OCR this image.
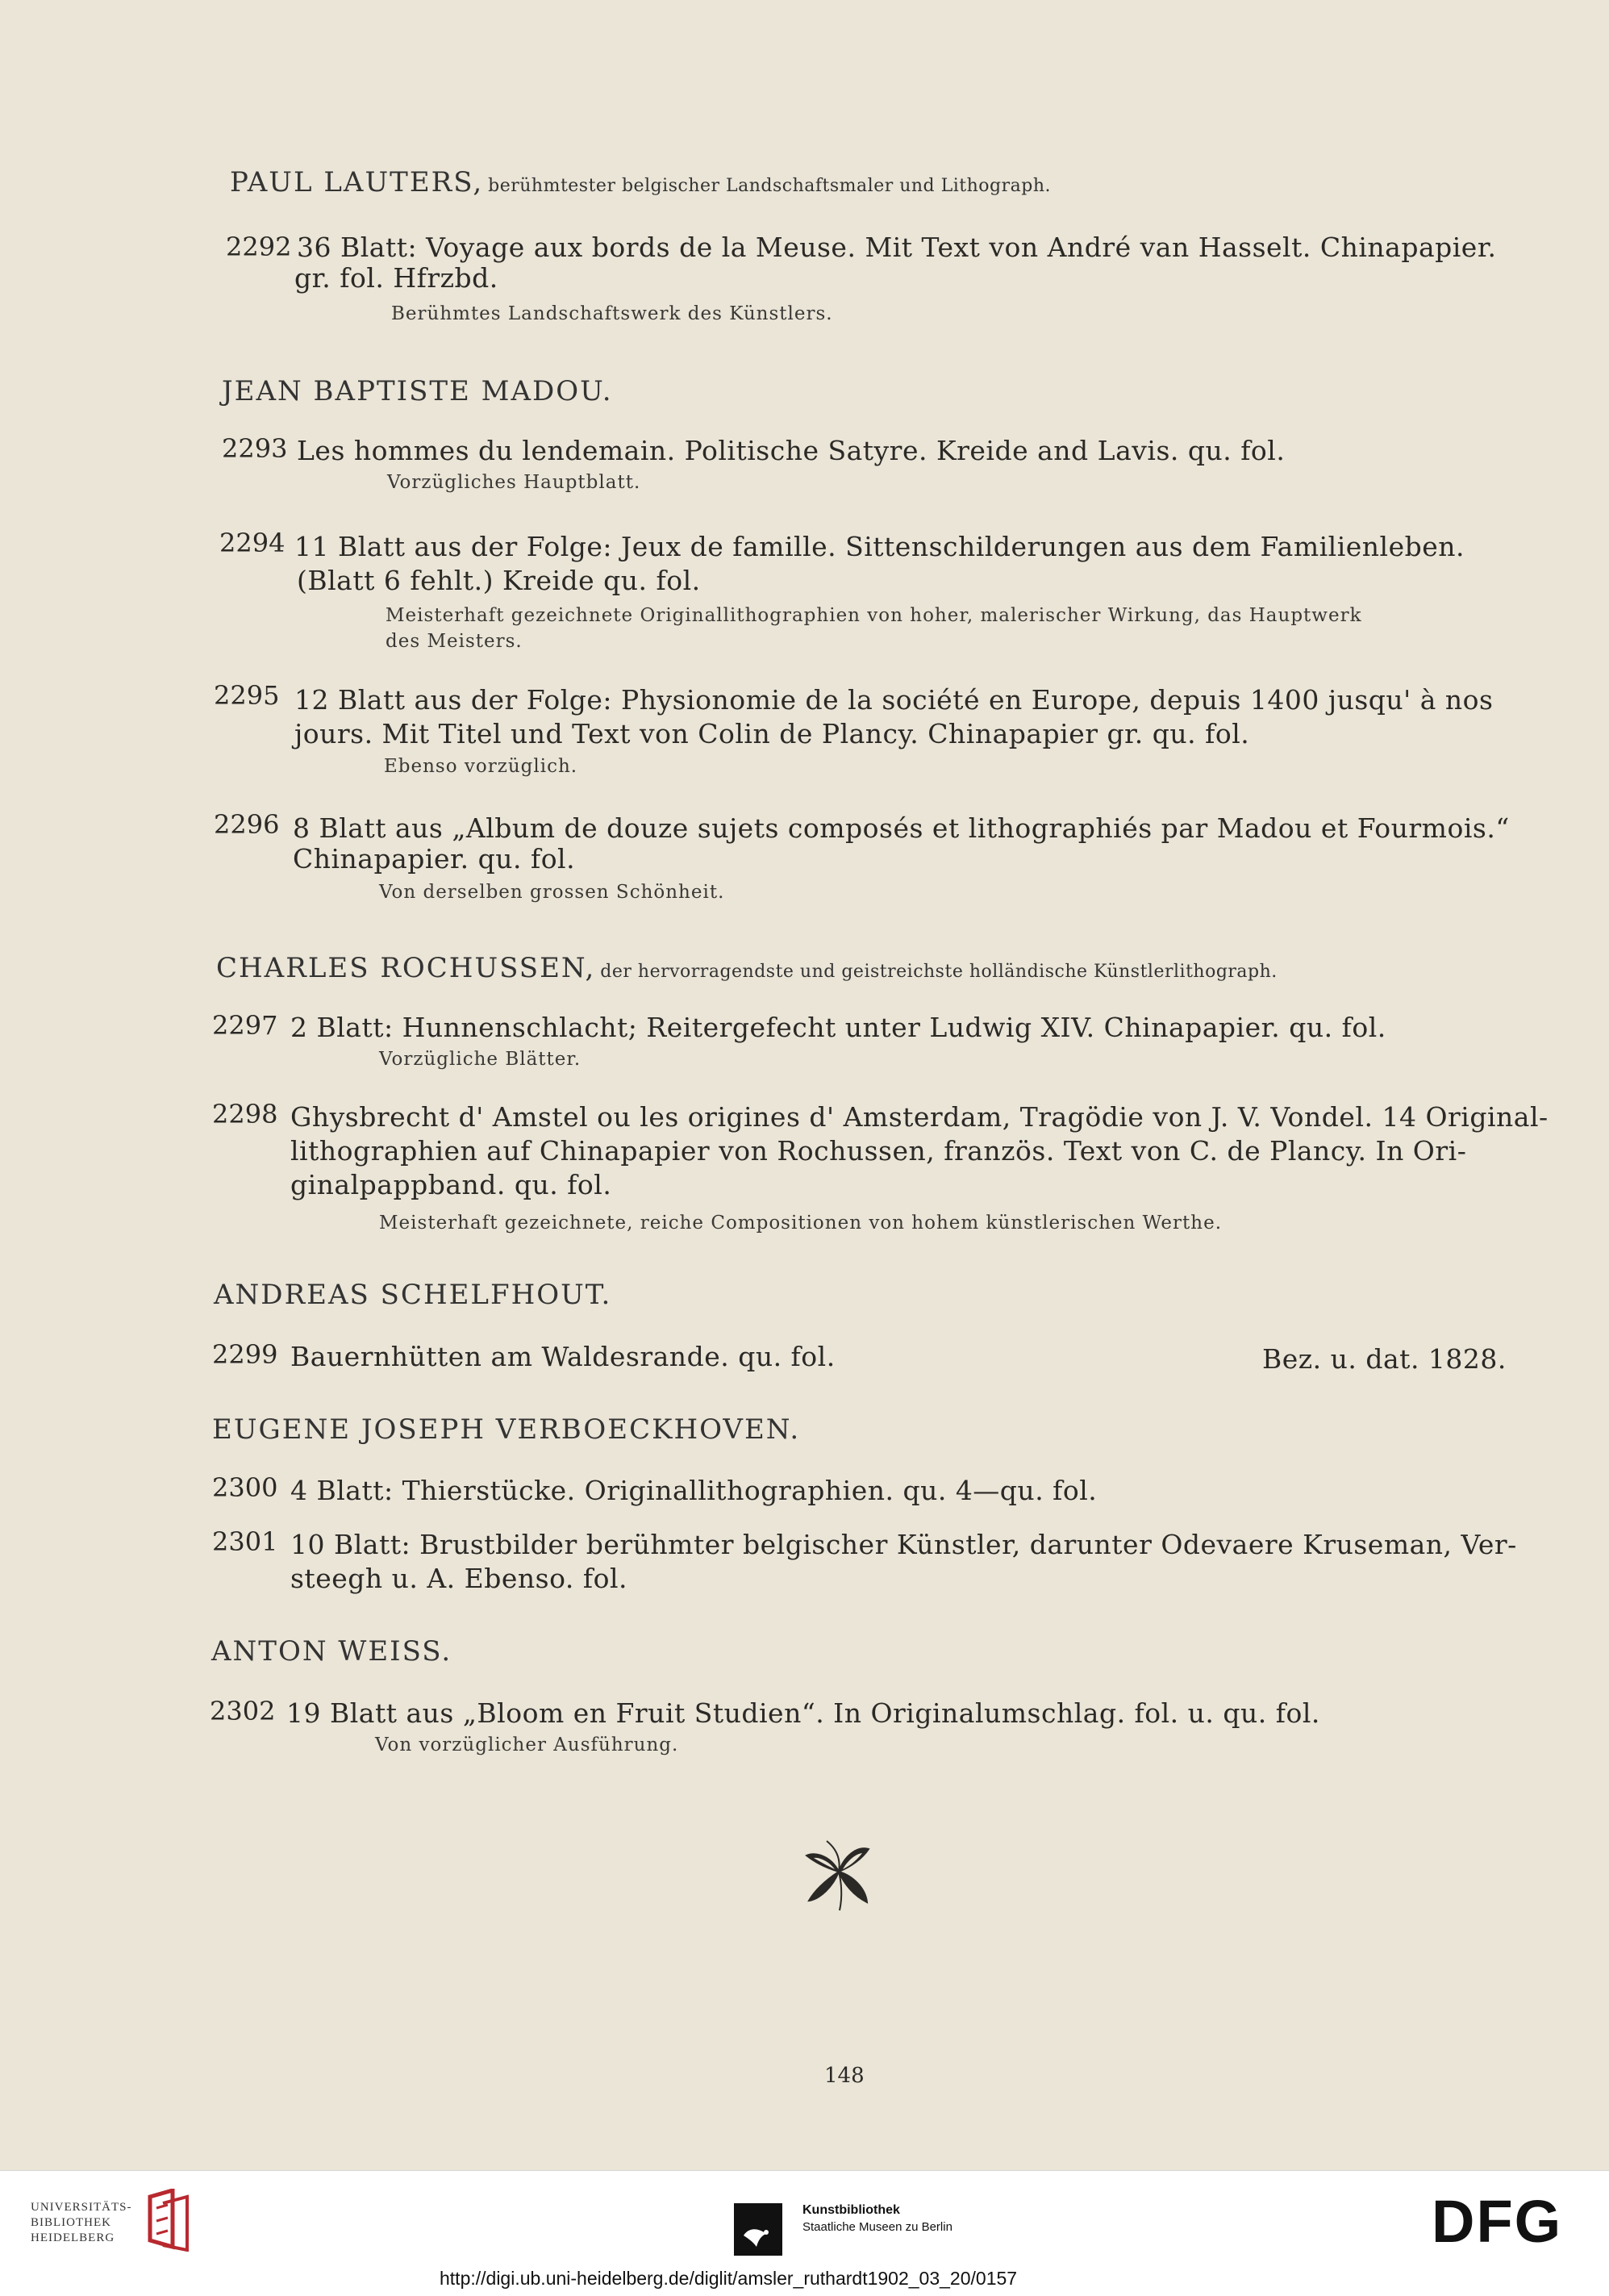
PAUL LAUTERS, berühmtester belgischer Landschaftsmaler und Lithograph.
2292 36 Blatt: Voyage aux bords de la Meuse. Mit Text von André van Hasselt. Chinapapier.
gr. fol. Hfrzbd.
Berühmtes Landschaftswerk des Künstlers.
JEAN BAPTISTE MADOU.
2293 Les hommes du lendemain. Politische Satyre. Kreide and Lavis. qu. fol.
Vorzügliches Hauptblatt.
2294 11 Blatt aus der Folge: Jeux de famille. Sittenschilderungen aus dem Familienleben.
(Blatt 6 fehlt.) Kreide qu. fol.
Meisterhaft gezeichnete Originallithographien von hoher, malerischer Wirkung, das Hauptwerk
des Meisters.
2295 12 Blatt aus der Folge: Physionomie de la société en Europe, depuis 1400 jusqu' à nos
jours. Mit Titel und Text von Colin de Plancy. Chinapapier gr. qu. fol.
Ebenso vorzüglich.
2296 8 Blatt aus „Album de douze sujets composés et lithographiés par Madou et Fourmois.“
Chinapapier. qu. fol.
Von derselben grossen Schönheit.
CHARLES ROCHUSSEN, der hervorragendste und geistreichste holländische Künstlerlithograph.
2297 2 Blatt: Hunnenschlacht; Reitergefecht unter Ludwig XIV. Chinapapier. qu. fol.
Vorzügliche Blätter.
2298 Ghysbrecht d' Amstel ou les origines d' Amsterdam, Tragödie von J. V. Vondel. 14 Original-
lithographien auf Chinapapier von Rochussen, französ. Text von C. de Plancy. In Ori-
ginalpappband. qu. fol.
Meisterhaft gezeichnete, reiche Compositionen von hohem künstlerischen Werthe.
ANDREAS SCHELFHOUT.
2299 Bauernhütten am Waldesrande. qu. fol.	Bez. u. dat. 1828.
EUGENE JOSEPH VERBOECKHOVEN.
2300 4 Blatt: Thierstücke. Originallithographien. qu. 4—qu. fol.
2301 10 Blatt: Brustbilder berühmter belgischer Künstler, darunter Odevaere Kruseman, Ver-
steegh u. A. Ebenso. fol.
ANTON WEISS.
2302 19 Blatt aus „Bloom en Fruit Studien“. In Originalumschlag. fol. u. qu. fol.
Von vorzüglicher Ausführung.
148
UNIVERSITÄTS-
BIBLIOTHEK
HEIDELBERG
Kunstbibliothek
Staatliche Museen zu Berlin	DFG
http://digi.ub.uni-heidelberg.de/diglit/amsler_ruthardt1902_03_20/0157
